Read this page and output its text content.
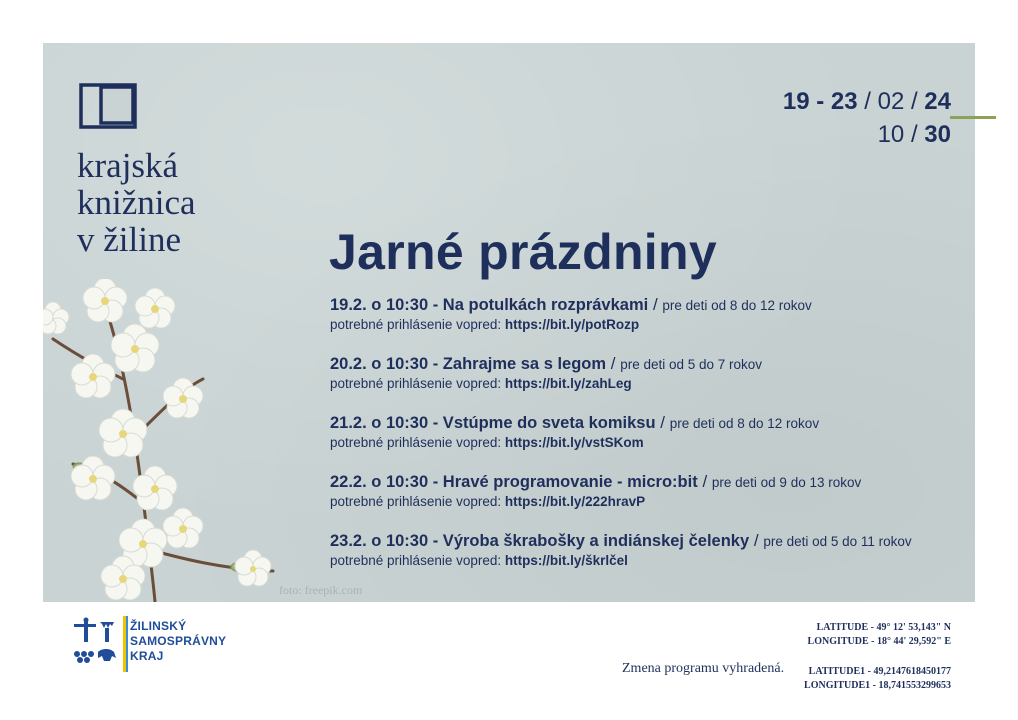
krajská
knižnica
v žiline
foto: freepik.com
19 - 23 / 02 / 24
10 / 30
Jarné prázdniny
19.2. o 10:30 - Na potulkách rozprávkami / pre deti od 8 do 12 rokov
potrebné prihlásenie vopred: https://bit.ly/potRozp
20.2. o 10:30 - Zahrajme sa s legom / pre deti od 5 do 7 rokov
potrebné prihlásenie vopred: https://bit.ly/zahLeg
21.2. o 10:30 - Vstúpme do sveta komiksu / pre deti od 8 do 12 rokov
potrebné prihlásenie vopred: https://bit.ly/vstSKom
22.2. o 10:30 - Hravé programovanie - micro:bit / pre deti od 9 do 13 rokov
potrebné prihlásenie vopred: https://bit.ly/222hravP
23.2. o 10:30 - Výroba škrabošky a indiánskej čelenky / pre deti od 5 do 11 rokov
potrebné prihlásenie vopred: https://bit.ly/škrlčel
ŽILINSKÝ
SAMOSPRÁVNY
KRAJ
LATITUDE - 49° 12' 53,143" N
LONGITUDE - 18° 44' 29,592" E
LATITUDE1 - 49,2147618450177
LONGITUDE1 - 18,741553299653
Zmena programu vyhradená.
